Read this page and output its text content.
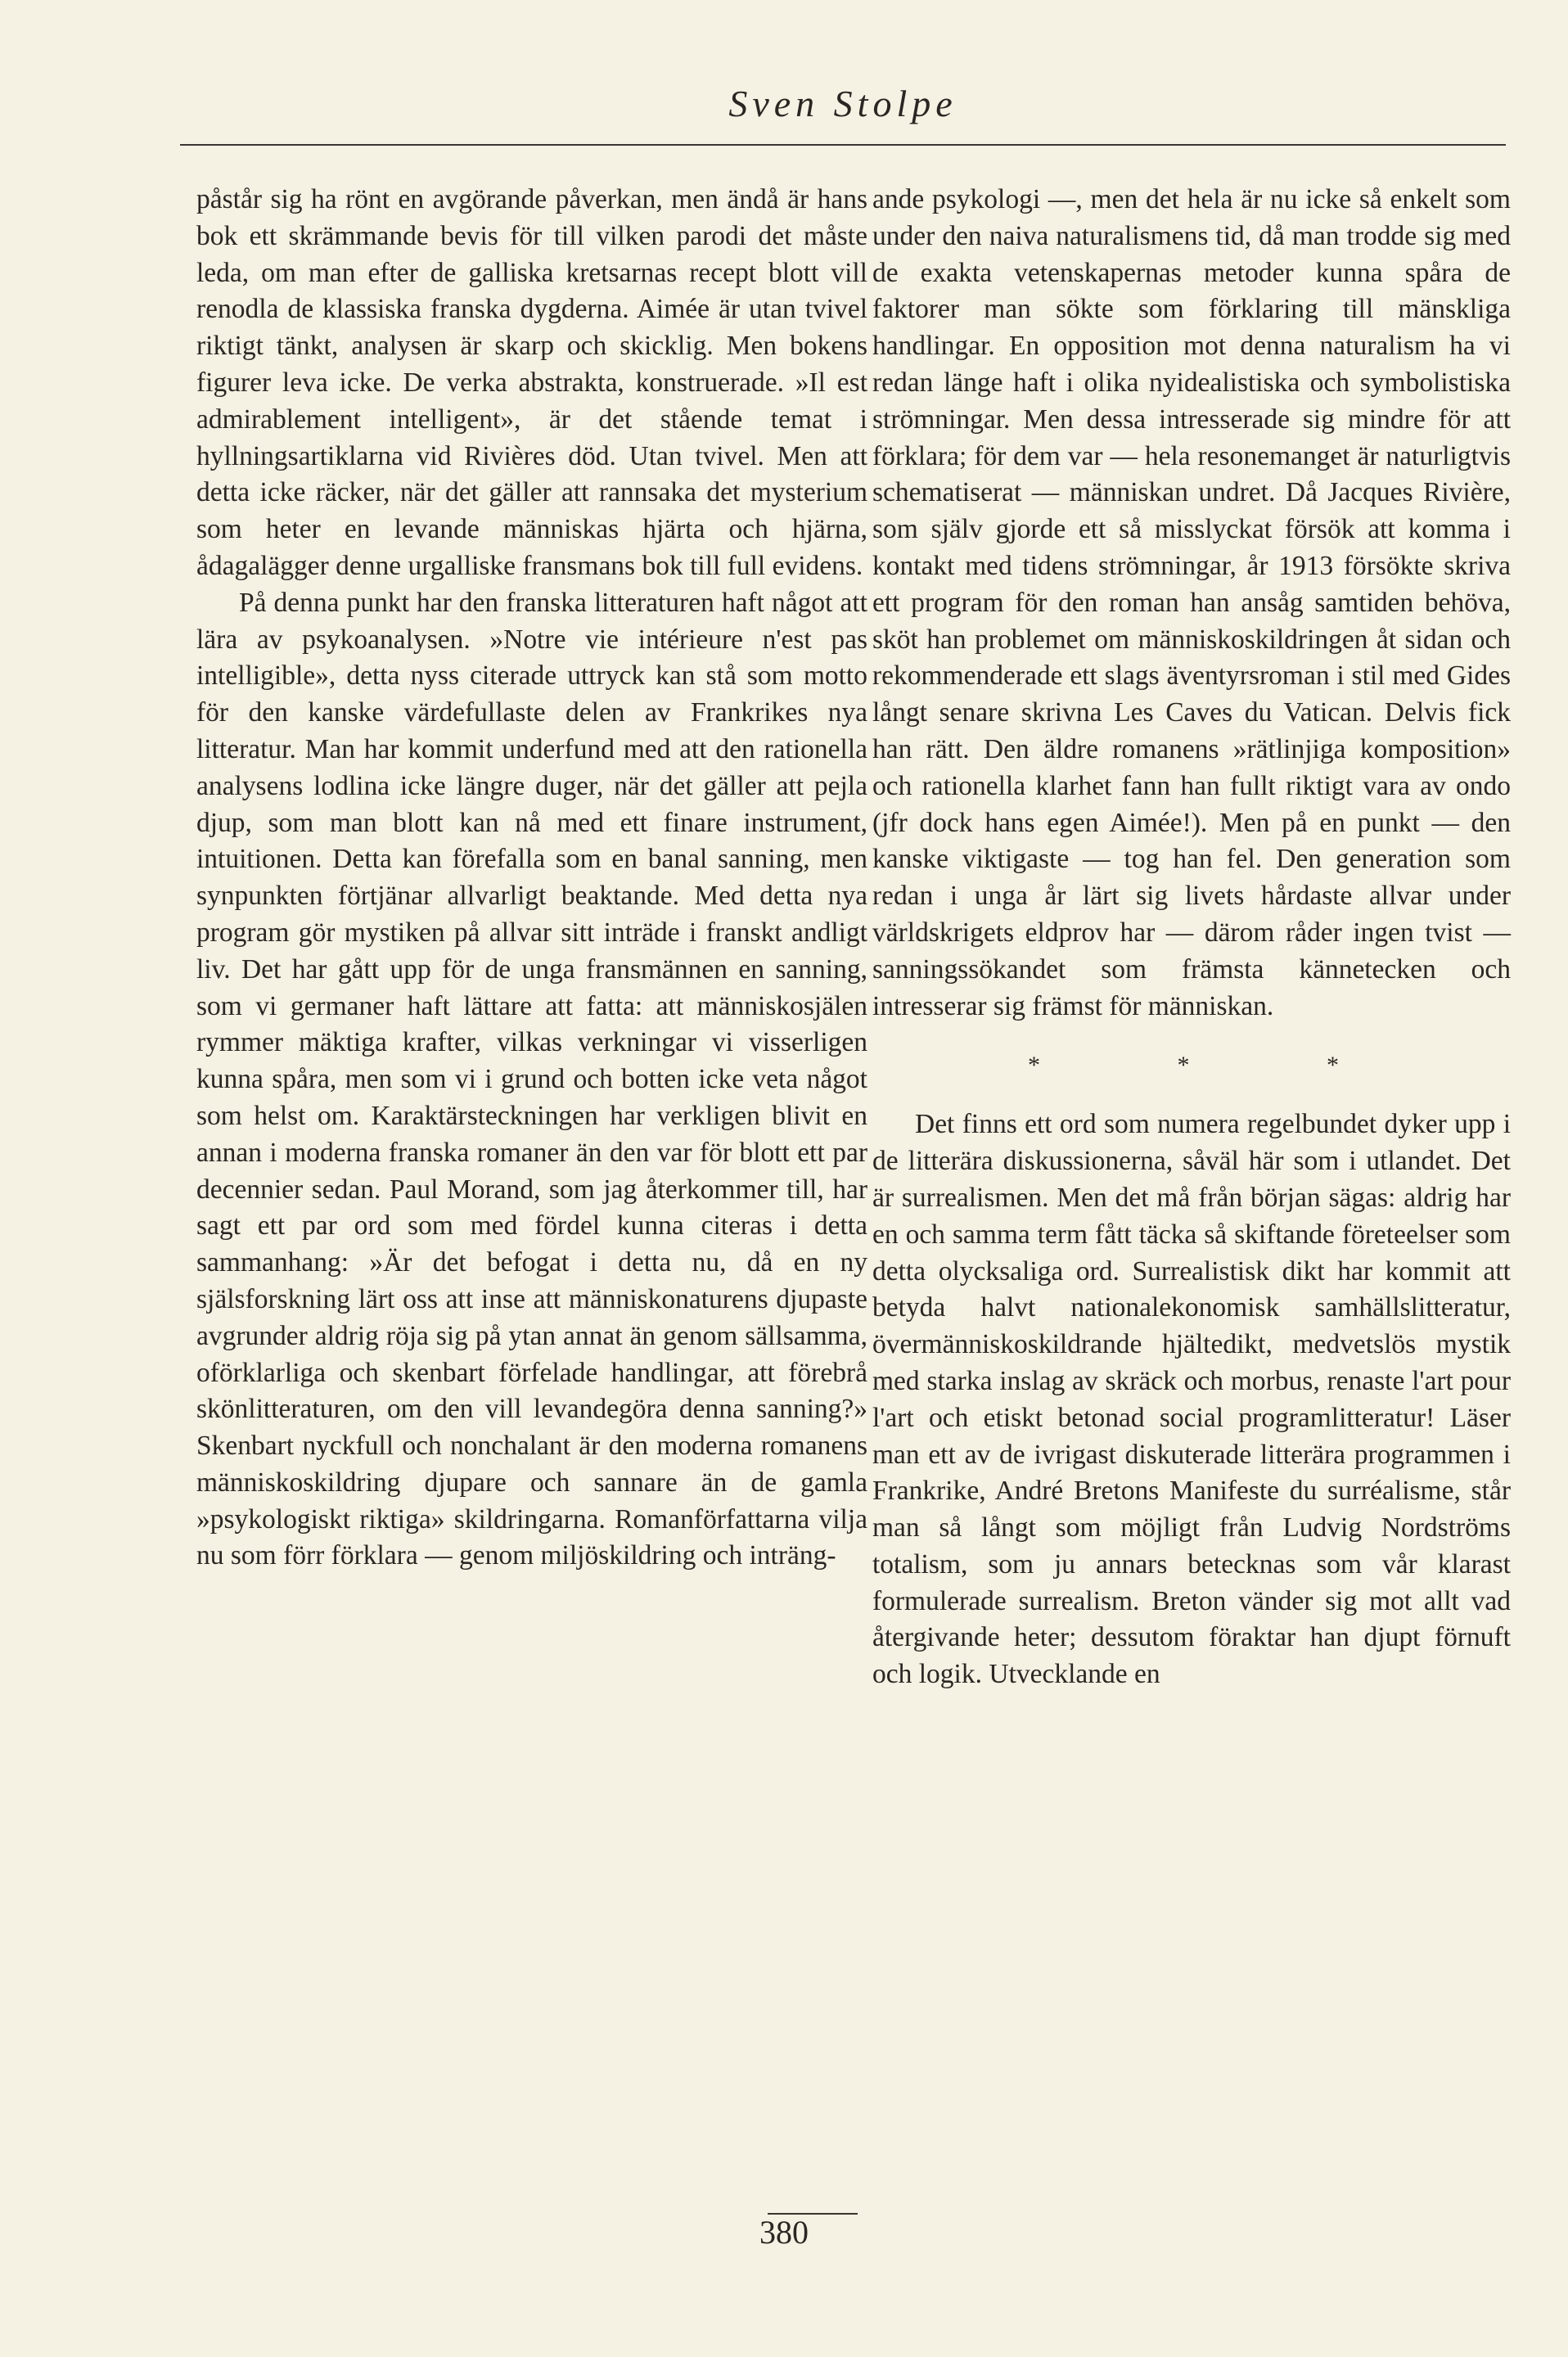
Sven Stolpe

påstår sig ha rönt en avgörande påverkan, men ändå är hans bok ett skrämmande bevis för till vilken parodi det måste leda, om man efter de galliska kretsarnas recept blott vill renodla de klassiska franska dygderna. Aimée är utan tvivel riktigt tänkt, analysen är skarp och skicklig. Men bokens figurer leva icke. De verka abstrakta, konstruerade. »Il est admirablement intelligent», är det stående temat i hyllningsartiklarna vid Rivières död. Utan tvivel. Men att detta icke räcker, när det gäller att rannsaka det mysterium som heter en levande människas hjärta och hjärna, ådagalägger denne urgalliske fransmans bok till full evidens.

På denna punkt har den franska litteraturen haft något att lära av psykoanalysen. »Notre vie intérieure n'est pas intelligible», detta nyss citerade uttryck kan stå som motto för den kanske värdefullaste delen av Frankrikes nya litteratur. Man har kommit underfund med att den rationella analysens lodlina icke längre duger, när det gäller att pejla djup, som man blott kan nå med ett finare instrument, intuitionen. Detta kan förefalla som en banal sanning, men synpunkten förtjänar allvarligt beaktande. Med detta nya program gör mystiken på allvar sitt inträde i franskt andligt liv. Det har gått upp för de unga fransmännen en sanning, som vi germaner haft lättare att fatta: att människosjälen rymmer mäktiga krafter, vilkas verkningar vi visserligen kunna spåra, men som vi i grund och botten icke veta något som helst om. Karaktärsteckningen har verkligen blivit en annan i moderna franska romaner än den var för blott ett par decennier sedan. Paul Morand, som jag återkommer till, har sagt ett par ord som med fördel kunna citeras i detta sammanhang: »Är det befogat i detta nu, då en ny själsforskning lärt oss att inse att människonaturens djupaste avgrunder aldrig röja sig på ytan annat än genom sällsamma, oförklarliga och skenbart förfelade handlingar, att förebrå skönlitteraturen, om den vill levandegöra denna sanning?» Skenbart nyckfull och nonchalant är den moderna romanens människoskildring djupare och sannare än de gamla »psykologiskt riktiga» skildringarna. Romanförfattarna vilja nu som förr förklara — genom miljöskildring och inträng-

ande psykologi —, men det hela är nu icke så enkelt som under den naiva naturalismens tid, då man trodde sig med de exakta vetenskapernas metoder kunna spåra de faktorer man sökte som förklaring till mänskliga handlingar. En opposition mot denna naturalism ha vi redan länge haft i olika nyidealistiska och symbolistiska strömningar. Men dessa intresserade sig mindre för att förklara; för dem var — hela resonemanget är naturligtvis schematiserat — människan undret. Då Jacques Rivière, som själv gjorde ett så misslyckat försök att komma i kontakt med tidens strömningar, år 1913 försökte skriva ett program för den roman han ansåg samtiden behöva, sköt han problemet om människoskildringen åt sidan och rekommenderade ett slags äventyrsroman i stil med Gides långt senare skrivna Les Caves du Vatican. Delvis fick han rätt. Den äldre romanens »rätlinjiga komposition» och rationella klarhet fann han fullt riktigt vara av ondo (jfr dock hans egen Aimée!). Men på en punkt — den kanske viktigaste — tog han fel. Den generation som redan i unga år lärt sig livets hårdaste allvar under världskrigets eldprov har — därom råder ingen tvist — sanningssökandet som främsta kännetecken och intresserar sig främst för människan.

* * *

Det finns ett ord som numera regelbundet dyker upp i de litterära diskussionerna, såväl här som i utlandet. Det är surrealismen. Men det må från början sägas: aldrig har en och samma term fått täcka så skiftande företeelser som detta olycksaliga ord. Surrealistisk dikt har kommit att betyda halvt nationalekonomisk samhällslitteratur, övermänniskoskildrande hjältedikt, medvetslös mystik med starka inslag av skräck och morbus, renaste l'art pour l'art och etiskt betonad social programlitteratur! Läser man ett av de ivrigast diskuterade litterära programmen i Frankrike, André Bretons Manifeste du surréalisme, står man så långt som möjligt från Ludvig Nordströms totalism, som ju annars betecknas som vår klarast formulerade surrealism. Breton vänder sig mot allt vad återgivande heter; dessutom föraktar han djupt förnuft och logik. Utvecklande en

380
